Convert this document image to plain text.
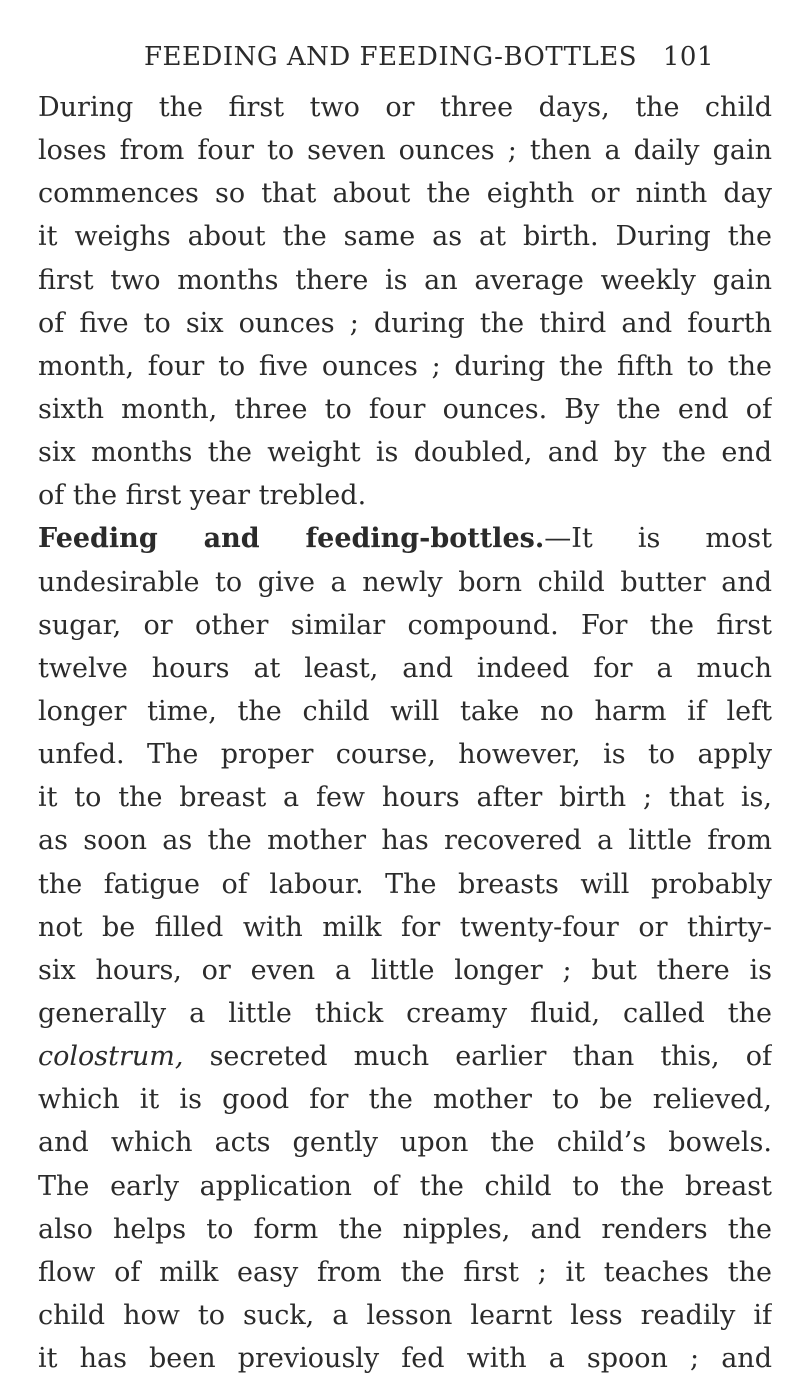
FEEDING AND FEEDING-BOTTLES 101
During the first two or three days, the child
loses from four to seven ounces ; then a daily gain
commences so that about the eighth or ninth day
it weighs about the same as at birth. During the
first two months there is an average weekly gain
of five to six ounces ; during the third and fourth
month, four to five ounces ; during the fifth to the
sixth month, three to four ounces. By the end of
six months the weight is doubled, and by the end
of the first year trebled.
Feeding and feeding-bottles.—It is most
undesirable to give a newly born child butter and
sugar, or other similar compound. For the first
twelve hours at least, and indeed for a much
longer time, the child will take no harm if left
unfed. The proper course, however, is to apply
it to the breast a few hours after birth ; that is,
as soon as the mother has recovered a little from
the fatigue of labour. The breasts will probably
not be filled with milk for twenty-four or thirty-
six hours, or even a little longer ; but there is
generally a little thick creamy fluid, called the
colostrum, secreted much earlier than this, of
which it is good for the mother to be relieved,
and which acts gently upon the child’s bowels.
The early application of the child to the breast
also helps to form the nipples, and renders the
flow of milk easy from the first ; it teaches the
child how to suck, a lesson learnt less readily if
it has been previously fed with a spoon ; and
